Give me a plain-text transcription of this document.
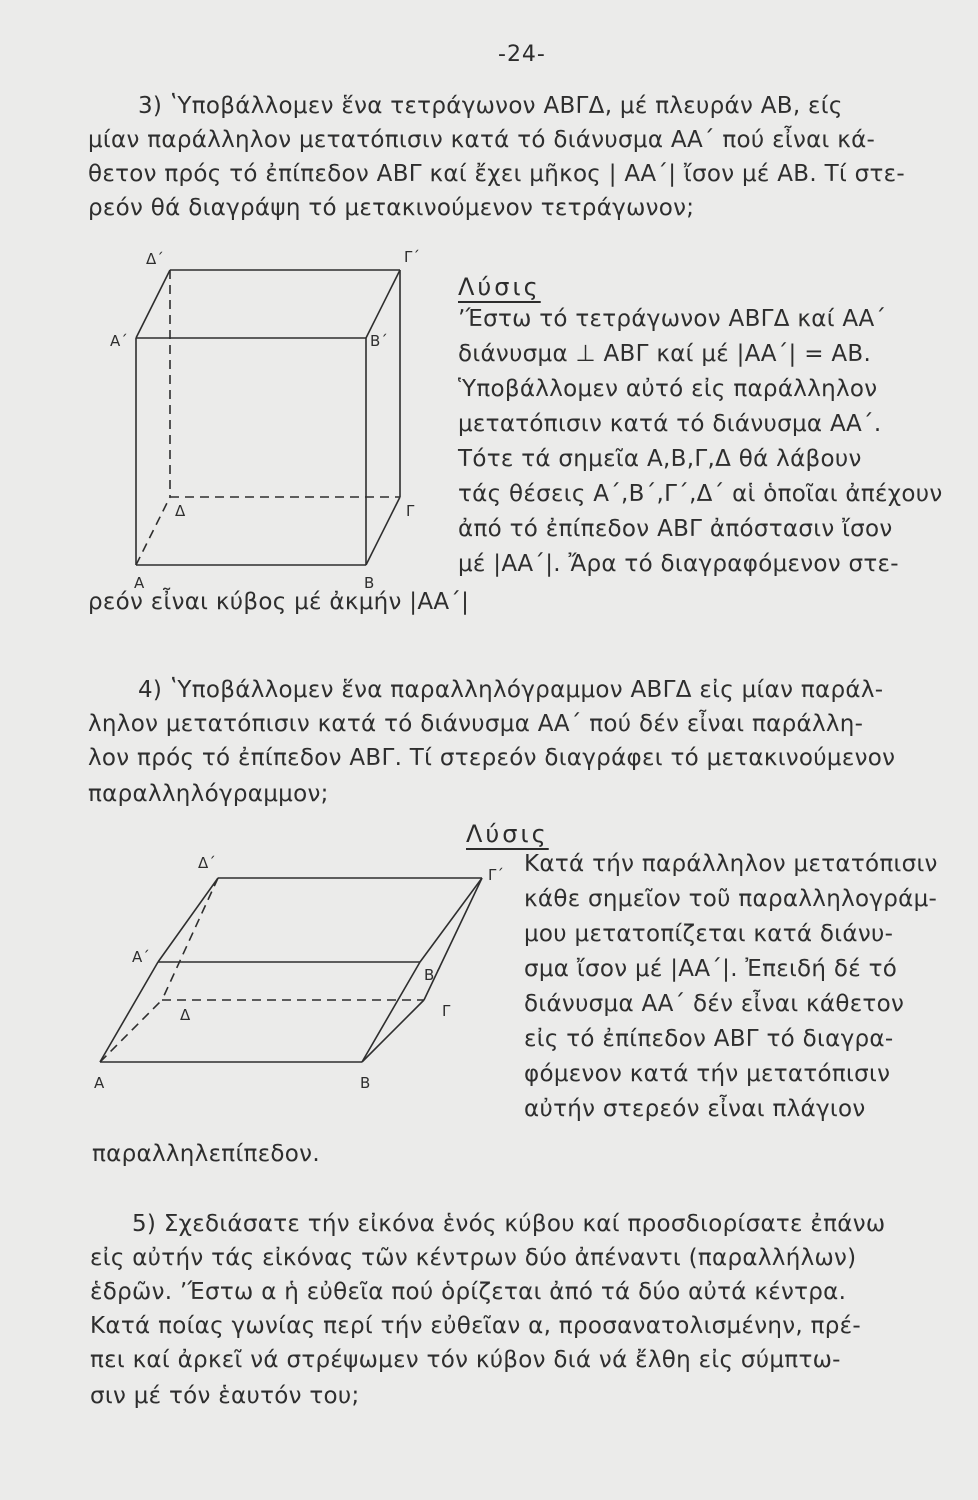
-24-
3) ʽΥποβάλλομεν ἕνα τετράγωνον ΑΒΓΔ, μέ πλευράν ΑΒ, είς
μίαν παράλληλον μετατόπισιν κατά τό διάνυσμα ΑΑ΄ πού εἶναι κά-
θετον πρός τό ἐπίπεδον ΑΒΓ καί ἔχει μῆκος | ΑΑ΄| ἴσον μέ ΑΒ. Τί στε-
ρεόν θά διαγράψη τό μετακινούμενον τετράγωνον;
Δ΄	Γ΄
Α΄	Β΄
Δ	Γ
Α	Β
Λύσις
ʼΈστω τό τετράγωνον ΑΒΓΔ καί ΑΑ΄
διάνυσμα ⊥ ΑΒΓ καί μέ |ΑΑ΄| = ΑΒ.
Ὑποβάλλομεν αὐτό εἰς παράλληλον
μετατόπισιν κατά τό διάνυσμα ΑΑ΄.
Τότε τά σημεῖα Α,Β,Γ,Δ θά λάβουν
τάς θέσεις Α΄,Β΄,Γ΄,Δ΄ αἱ ὁποῖαι ἀπέχουν
ἀπό τό ἐπίπεδον ΑΒΓ ἀπόστασιν ἴσον
μέ |ΑΑ΄|. Ἄρα τό διαγραφόμενον στε-
ρεόν εἶναι κύβος μέ ἀκμήν |ΑΑ΄|
4) ʽΥποβάλλομεν ἕνα παραλληλόγραμμον ΑΒΓΔ εἰς μίαν παράλ-
ληλον μετατόπισιν κατά τό διάνυσμα ΑΑ΄ πού δέν εἶναι παράλλη-
λον πρός τό ἐπίπεδον ΑΒΓ. Τί στερεόν διαγράφει τό μετακινούμενον
παραλληλόγραμμον;
Δ΄
Γ΄
Α΄
Β΄
Δ	Γ
Α	Β
Λύσις
Κατά τήν παράλληλον μετατόπισιν
κάθε σημεῖον τοῦ παραλληλογράμ-
μου μετατοπίζεται κατά διάνυ-
σμα ἴσον μέ |ΑΑ΄|. Ἐπειδή δέ τό
διάνυσμα ΑΑ΄ δέν εἶναι κάθετον
εἰς τό ἐπίπεδον ΑΒΓ τό διαγρα-
φόμενον κατά τήν μετατόπισιν
αὐτήν στερεόν εἶναι πλάγιον
παραλληλεπίπεδον.
5) Σχεδιάσατε τήν εἰκόνα ἑνός κύβου καί προσδιορίσατε ἐπάνω
εἰς αὐτήν τάς εἰκόνας τῶν κέντρων δύο ἀπέναντι (παραλλήλων)
ἑδρῶν. ʼΈστω α ἡ εὐθεῖα πού ὁρίζεται ἀπό τά δύο αὐτά κέντρα.
Κατά ποίας γωνίας περί τήν εὐθεῖαν α, προσανατολισμένην, πρέ-
πει καί ἀρκεῖ νά στρέψωμεν τόν κύβον διά νά ἔλθη εἰς σύμπτω-
σιν μέ τόν ἑαυτόν του;
